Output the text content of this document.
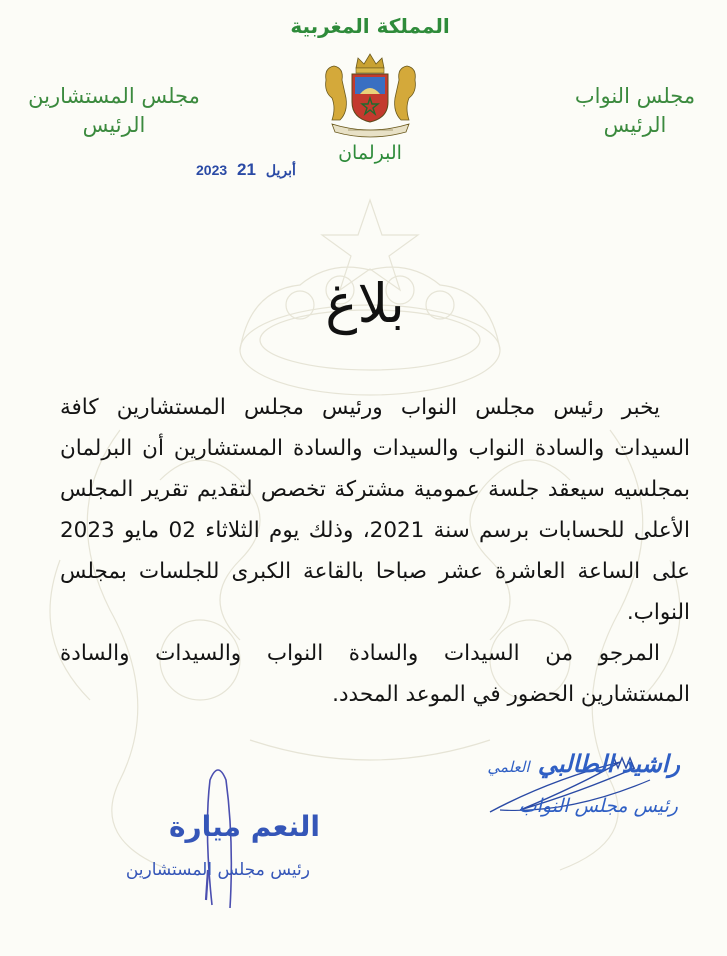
المملكة المغربية
البرلمان
مجلس المستشارين
الرئيس
مجلس النواب
الرئيس
2023	أبريل 21
بلاغ

يخبر رئيس مجلس النواب ورئيس مجلس المستشارين كافة السيدات والسادة النواب والسيدات والسادة المستشارين أن البرلمان بمجلسيه سيعقد جلسة عمومية مشتركة تخصص لتقديم تقرير المجلس الأعلى للحسابات برسم سنة 2021، وذلك يوم الثلاثاء 02 مايو 2023 على الساعة العاشرة عشر صباحا بالقاعة الكبرى للجلسات بمجلس النواب.

المرجو من السيدات والسادة النواب والسيدات والسادة المستشارين الحضور في الموعد المحدد.

راشيد الطالبي العلمي
رئيس مجلس النواب
النعم ميارة
رئيس مجلس المستشارين
